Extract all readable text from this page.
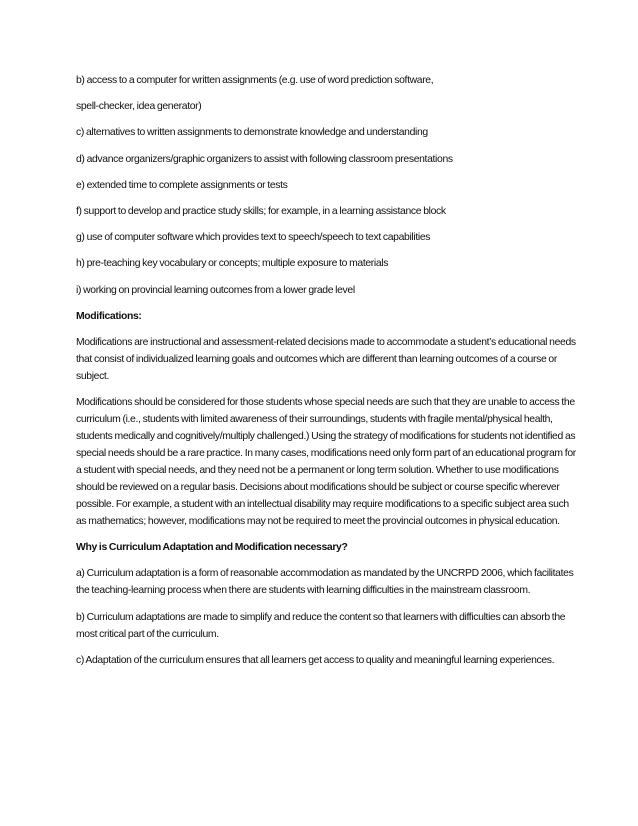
b) access to a computer for written assignments (e.g. use of word prediction software,

spell-checker, idea generator)

c) alternatives to written assignments to demonstrate knowledge and understanding

d) advance organizers/graphic organizers to assist with following classroom presentations

e) extended time to complete assignments or tests

f) support to develop and practice study skills; for example, in a learning assistance block

g) use of computer software which provides text to speech/speech to text capabilities

h) pre-teaching key vocabulary or concepts; multiple exposure to materials

i) working on provincial learning outcomes from a lower grade level

Modifications:

Modifications are instructional and assessment-related decisions made to accommodate a student’s educational needs that consist of individualized learning goals and outcomes which are different than learning outcomes of a course or subject.

Modifications should be considered for those students whose special needs are such that they are unable to access the curriculum (i.e., students with limited awareness of their surroundings, students with fragile mental/physical health, students medically and cognitively/multiply challenged.) Using the strategy of modifications for students not identified as special needs should be a rare practice. In many cases, modifications need only form part of an educational program for a student with special needs, and they need not be a permanent or long term solution. Whether to use modifications should be reviewed on a regular basis. Decisions about modifications should be subject or course specific wherever possible. For example, a student with an intellectual disability may require modifications to a specific subject area such as mathematics; however, modifications may not be required to meet the provincial outcomes in physical education.

Why is Curriculum Adaptation and Modification necessary?

a) Curriculum adaptation is a form of reasonable accommodation as mandated by the UNCRPD 2006, which facilitates the teaching-learning process when there are students with learning difficulties in the mainstream classroom.

b) Curriculum adaptations are made to simplify and reduce the content so that learners with difficulties can absorb the most critical part of the curriculum.

c) Adaptation of the curriculum ensures that all learners get access to quality and meaningful learning experiences.
